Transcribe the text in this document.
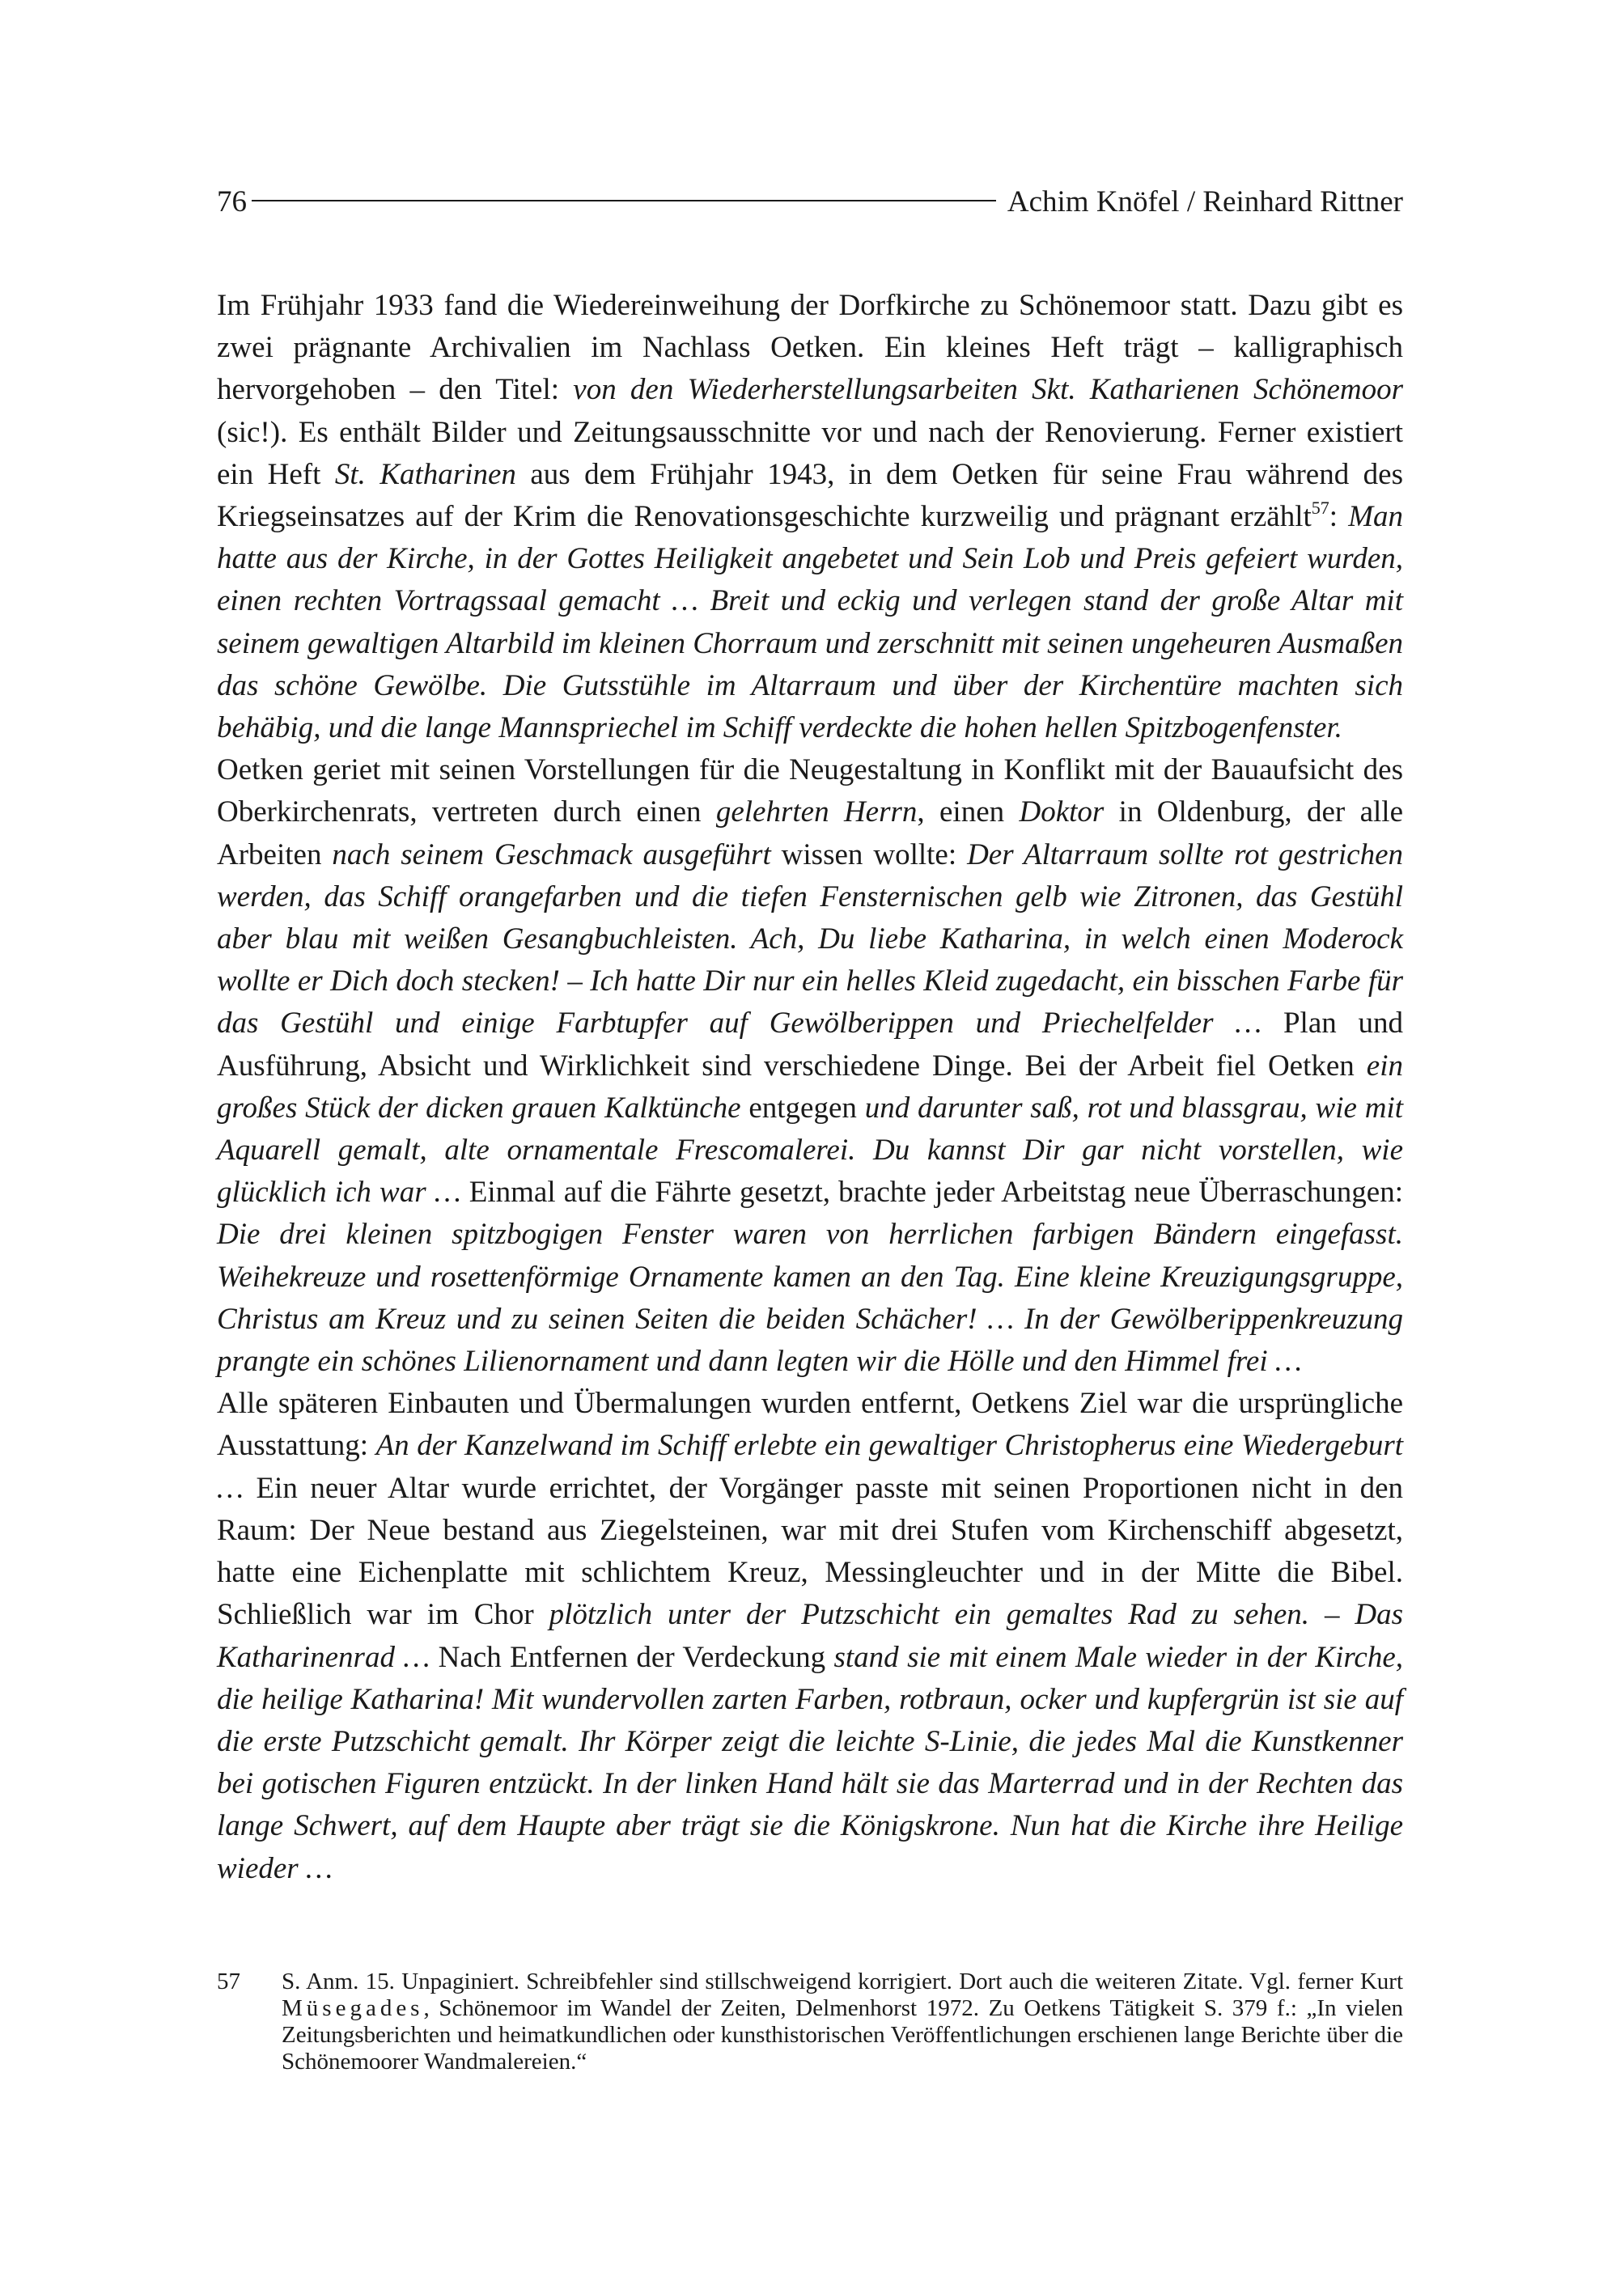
76	Achim Knöfel / Reinhard Rittner

Im Frühjahr 1933 fand die Wiedereinweihung der Dorfkirche zu Schönemoor statt. Dazu gibt es zwei prägnante Archivalien im Nachlass Oetken. Ein kleines Heft trägt – kalligraphisch hervorgehoben – den Titel: von den Wiederherstellungsarbeiten Skt. Katharienen Schönemoor (sic!). Es enthält Bilder und Zeitungsausschnitte vor und nach der Renovierung. Ferner existiert ein Heft St. Katharinen aus dem Frühjahr 1943, in dem Oetken für seine Frau während des Kriegseinsatzes auf der Krim die Renovationsgeschichte kurzweilig und prägnant erzählt$^{57}$: Man hatte aus der Kirche, in der Gottes Heiligkeit angebetet und Sein Lob und Preis gefeiert wurden, einen rechten Vortragssaal gemacht … Breit und eckig und verlegen stand der große Altar mit seinem gewaltigen Altarbild im kleinen Chorraum und zerschnitt mit seinen ungeheuren Ausmaßen das schöne Gewölbe. Die Gutsstühle im Altarraum und über der Kirchentüre machten sich behäbig, und die lange Mannspriechel im Schiff verdeckte die hohen hellen Spitzbogenfenster.

Oetken geriet mit seinen Vorstellungen für die Neugestaltung in Konflikt mit der Bauaufsicht des Oberkirchenrats, vertreten durch einen gelehrten Herrn, einen Doktor in Oldenburg, der alle Arbeiten nach seinem Geschmack ausgeführt wissen wollte: Der Altarraum sollte rot gestrichen werden, das Schiff orangefarben und die tiefen Fensternischen gelb wie Zitronen, das Gestühl aber blau mit weißen Gesangbuchleisten. Ach, Du liebe Katharina, in welch einen Moderock wollte er Dich doch stecken! – Ich hatte Dir nur ein helles Kleid zugedacht, ein bisschen Farbe für das Gestühl und einige Farbtupfer auf Gewölberippen und Priechelfelder … Plan und Ausführung, Absicht und Wirklichkeit sind verschiedene Dinge. Bei der Arbeit fiel Oetken ein großes Stück der dicken grauen Kalktünche entgegen und darunter saß, rot und blassgrau, wie mit Aquarell gemalt, alte ornamentale Frescomalerei. Du kannst Dir gar nicht vorstellen, wie glücklich ich war … Einmal auf die Fährte gesetzt, brachte jeder Arbeitstag neue Überraschungen: Die drei kleinen spitzbogigen Fenster waren von herrlichen farbigen Bändern eingefasst. Weihekreuze und rosettenförmige Ornamente kamen an den Tag. Eine kleine Kreuzigungsgruppe, Christus am Kreuz und zu seinen Seiten die beiden Schächer! … In der Gewölberippenkreuzung prangte ein schönes Lilienornament und dann legten wir die Hölle und den Himmel frei …

Alle späteren Einbauten und Übermalungen wurden entfernt, Oetkens Ziel war die ursprüngliche Ausstattung: An der Kanzelwand im Schiff erlebte ein gewaltiger Christopherus eine Wiedergeburt … Ein neuer Altar wurde errichtet, der Vorgänger passte mit seinen Proportionen nicht in den Raum: Der Neue bestand aus Ziegelsteinen, war mit drei Stufen vom Kirchenschiff abgesetzt, hatte eine Eichenplatte mit schlichtem Kreuz, Messingleuchter und in der Mitte die Bibel. Schließlich war im Chor plötzlich unter der Putzschicht ein gemaltes Rad zu sehen. – Das Katharinenrad … Nach Entfernen der Verdeckung stand sie mit einem Male wieder in der Kirche, die heilige Katharina! Mit wundervollen zarten Farben, rotbraun, ocker und kupfergrün ist sie auf die erste Putzschicht gemalt. Ihr Körper zeigt die leichte S-Linie, die jedes Mal die Kunstkenner bei gotischen Figuren entzückt. In der linken Hand hält sie das Marterrad und in der Rechten das lange Schwert, auf dem Haupte aber trägt sie die Königskrone. Nun hat die Kirche ihre Heilige wieder …

57	S. Anm. 15. Unpaginiert. Schreibfehler sind stillschweigend korrigiert. Dort auch die weiteren Zitate. Vgl. ferner Kurt Müsegades, Schönemoor im Wandel der Zeiten, Delmenhorst 1972. Zu Oetkens Tätigkeit S. 379 f.: „In vielen Zeitungsberichten und heimatkundlichen oder kunsthistorischen Veröffentlichungen erschienen lange Berichte über die Schönemoorer Wandmalereien.“
